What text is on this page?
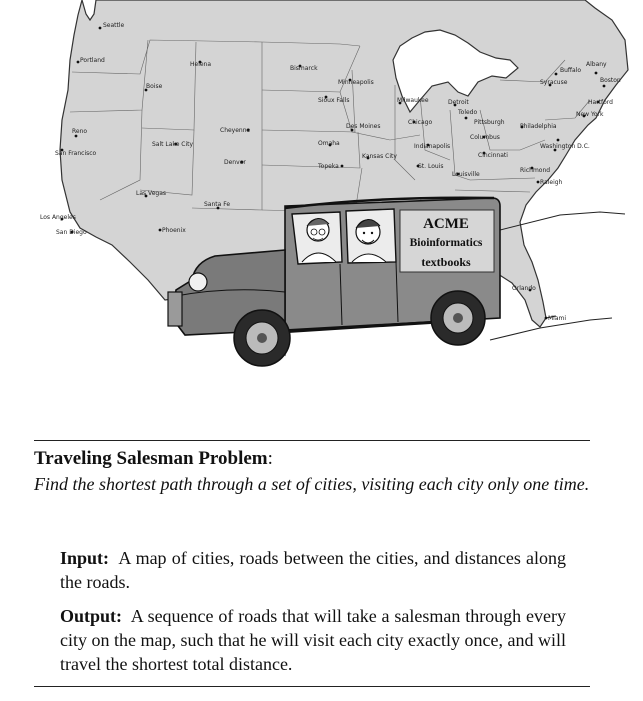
Seattle
Portland
Helena
Bismarck
Minneapolis
Sioux Falls
Boise
Reno
San Francisco
Salt Lake City
Cheyenne
Denver
Omaha
Des Moines
Milwaukee
Chicago
Detroit
Toledo
Buffalo
Syracuse
Albany
Boston
Hartford
New York
Philadelphia
Pittsburgh
Columbus
Washington D.C.
Indianapolis
Cincinnati
St. Louis
Kansas City
Topeka
Louisville
Richmond
Raleigh
Las Vegas
Los Angeles
San Diego	Phoenix
Santa Fe
Orlando
Miami
ACME
Bioinformatics
textbooks
Traveling Salesman Problem:
Find the shortest path through a set of cities, visiting each city only one time.

Input: A map of cities, roads between the cities, and distances along the roads.

Output: A sequence of roads that will take a salesman through every city on the map, such that he will visit each city exactly once, and will travel the shortest total distance.
